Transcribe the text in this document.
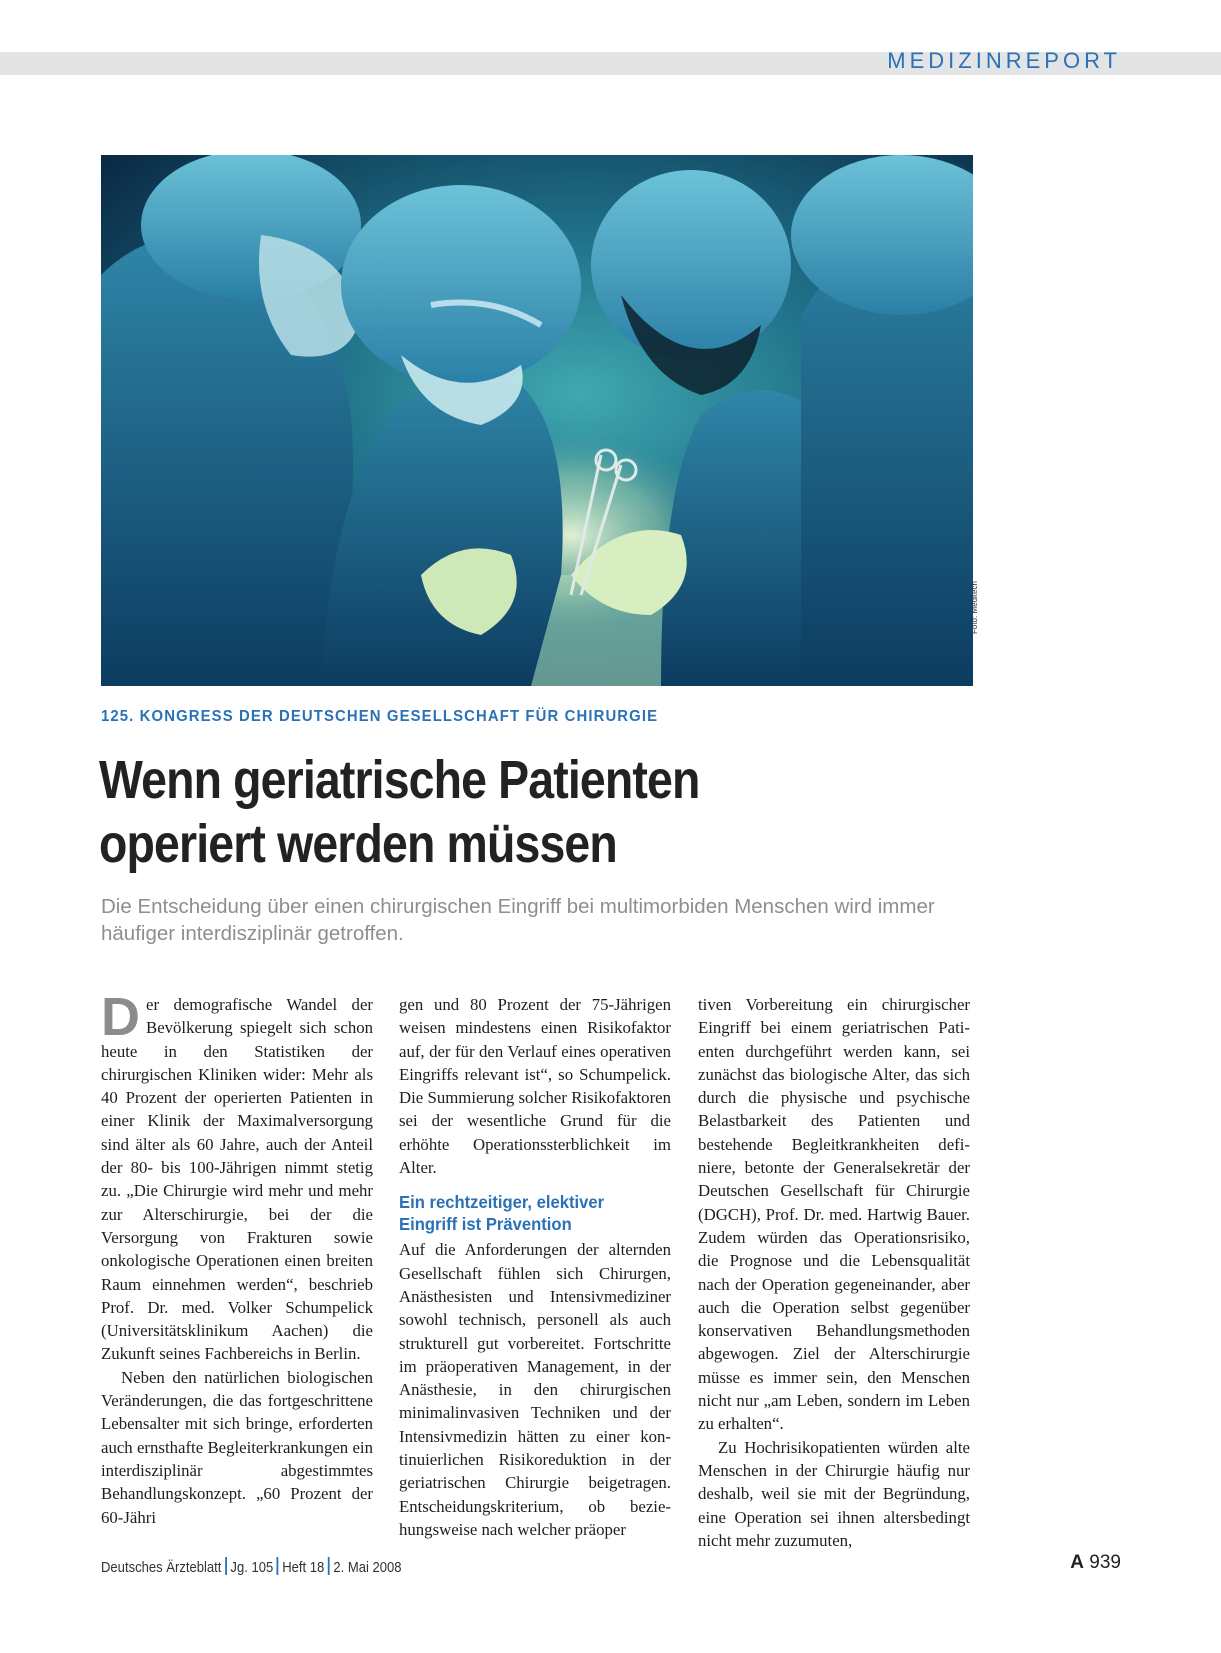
MEDIZINREPORT
Foto: Meditech
125. KONGRESS DER DEUTSCHEN GESELLSCHAFT FÜR CHIRURGIE
Wenn geriatrische Patienten operiert werden müssen

Die Entscheidung über einen chirurgischen Eingriff bei multimorbiden Menschen wird immer häufiger interdisziplinär getroffen.

Der demografische Wandel der Bevölkerung spiegelt sich schon heute in den Statistiken der chirurgischen Kliniken wider: Mehr als 40 Prozent der operierten Patienten in einer Klinik der Maximalversorgung sind älter als 60 Jahre, auch der Anteil der 80- bis 100-Jährigen nimmt stetig zu. „Die Chirurgie wird mehr und mehr zur Alterschirurgie, bei der die Versorgung von Frakturen sowie onkologische Operationen einen breiten Raum einnehmen werden“, beschrieb Prof. Dr. med. Volker Schumpelick (Universitätsklinikum Aachen) die Zukunft seines Fachbereichs in Berlin.

Neben den natürlichen biologischen Veränderungen, die das fortgeschrittene Lebensalter mit sich bringe, erforderten auch ernsthafte Begleiterkrankungen ein interdisziplinär abgestimmtes Behandlungskonzept. „60 Prozent der 60-Jähri

gen und 80 Prozent der 75-Jährigen weisen mindestens einen Risikofaktor auf, der für den Verlauf eines operativen Eingriffs relevant ist“, so Schumpelick. Die Summierung solcher Risikofaktoren sei der wesentliche Grund für die erhöhte Operationssterblichkeit im Alter.

Ein rechtzeitiger, elektiver Eingriff ist Prävention

Auf die Anforderungen der alternden Gesellschaft fühlen sich Chirurgen, Anästhesisten und Intensivmediziner sowohl technisch, personell als auch strukturell gut vorbereitet. Fortschritte im präoperativen Management, in der Anästhesie, in den chirurgischen minimalinvasiven Techniken und der Intensivmedizin hätten zu einer kontinuierlichen Risikoreduktion in der geriatrischen Chirurgie beigetragen. Entscheidungskriterium, ob beziehungsweise nach welcher präoper

tiven Vorbereitung ein chirurgischer Eingriff bei einem geriatrischen Patienten durchgeführt werden kann, sei zunächst das biologische Alter, das sich durch die physische und psychische Belastbarkeit des Patienten und bestehende Begleitkrankheiten definiere, betonte der Generalsekretär der Deutschen Gesellschaft für Chirurgie (DGCH), Prof. Dr. med. Hartwig Bauer. Zudem würden das Operationsrisiko, die Prognose und die Lebensqualität nach der Operation gegeneinander, aber auch die Operation selbst gegenüber konservativen Behandlungsmethoden abgewogen. Ziel der Alterschirurgie müsse es immer sein, den Menschen nicht nur „am Leben, sondern im Leben zu erhalten“.

Zu Hochrisikopatienten würden alte Menschen in der Chirurgie häufig nur deshalb, weil sie mit der Begründung, eine Operation sei ihnen altersbedingt nicht mehr zuzumuten,

Deutsches Ärzteblatt Jg. 105 Heft 18 2. Mai 2008	A 939
